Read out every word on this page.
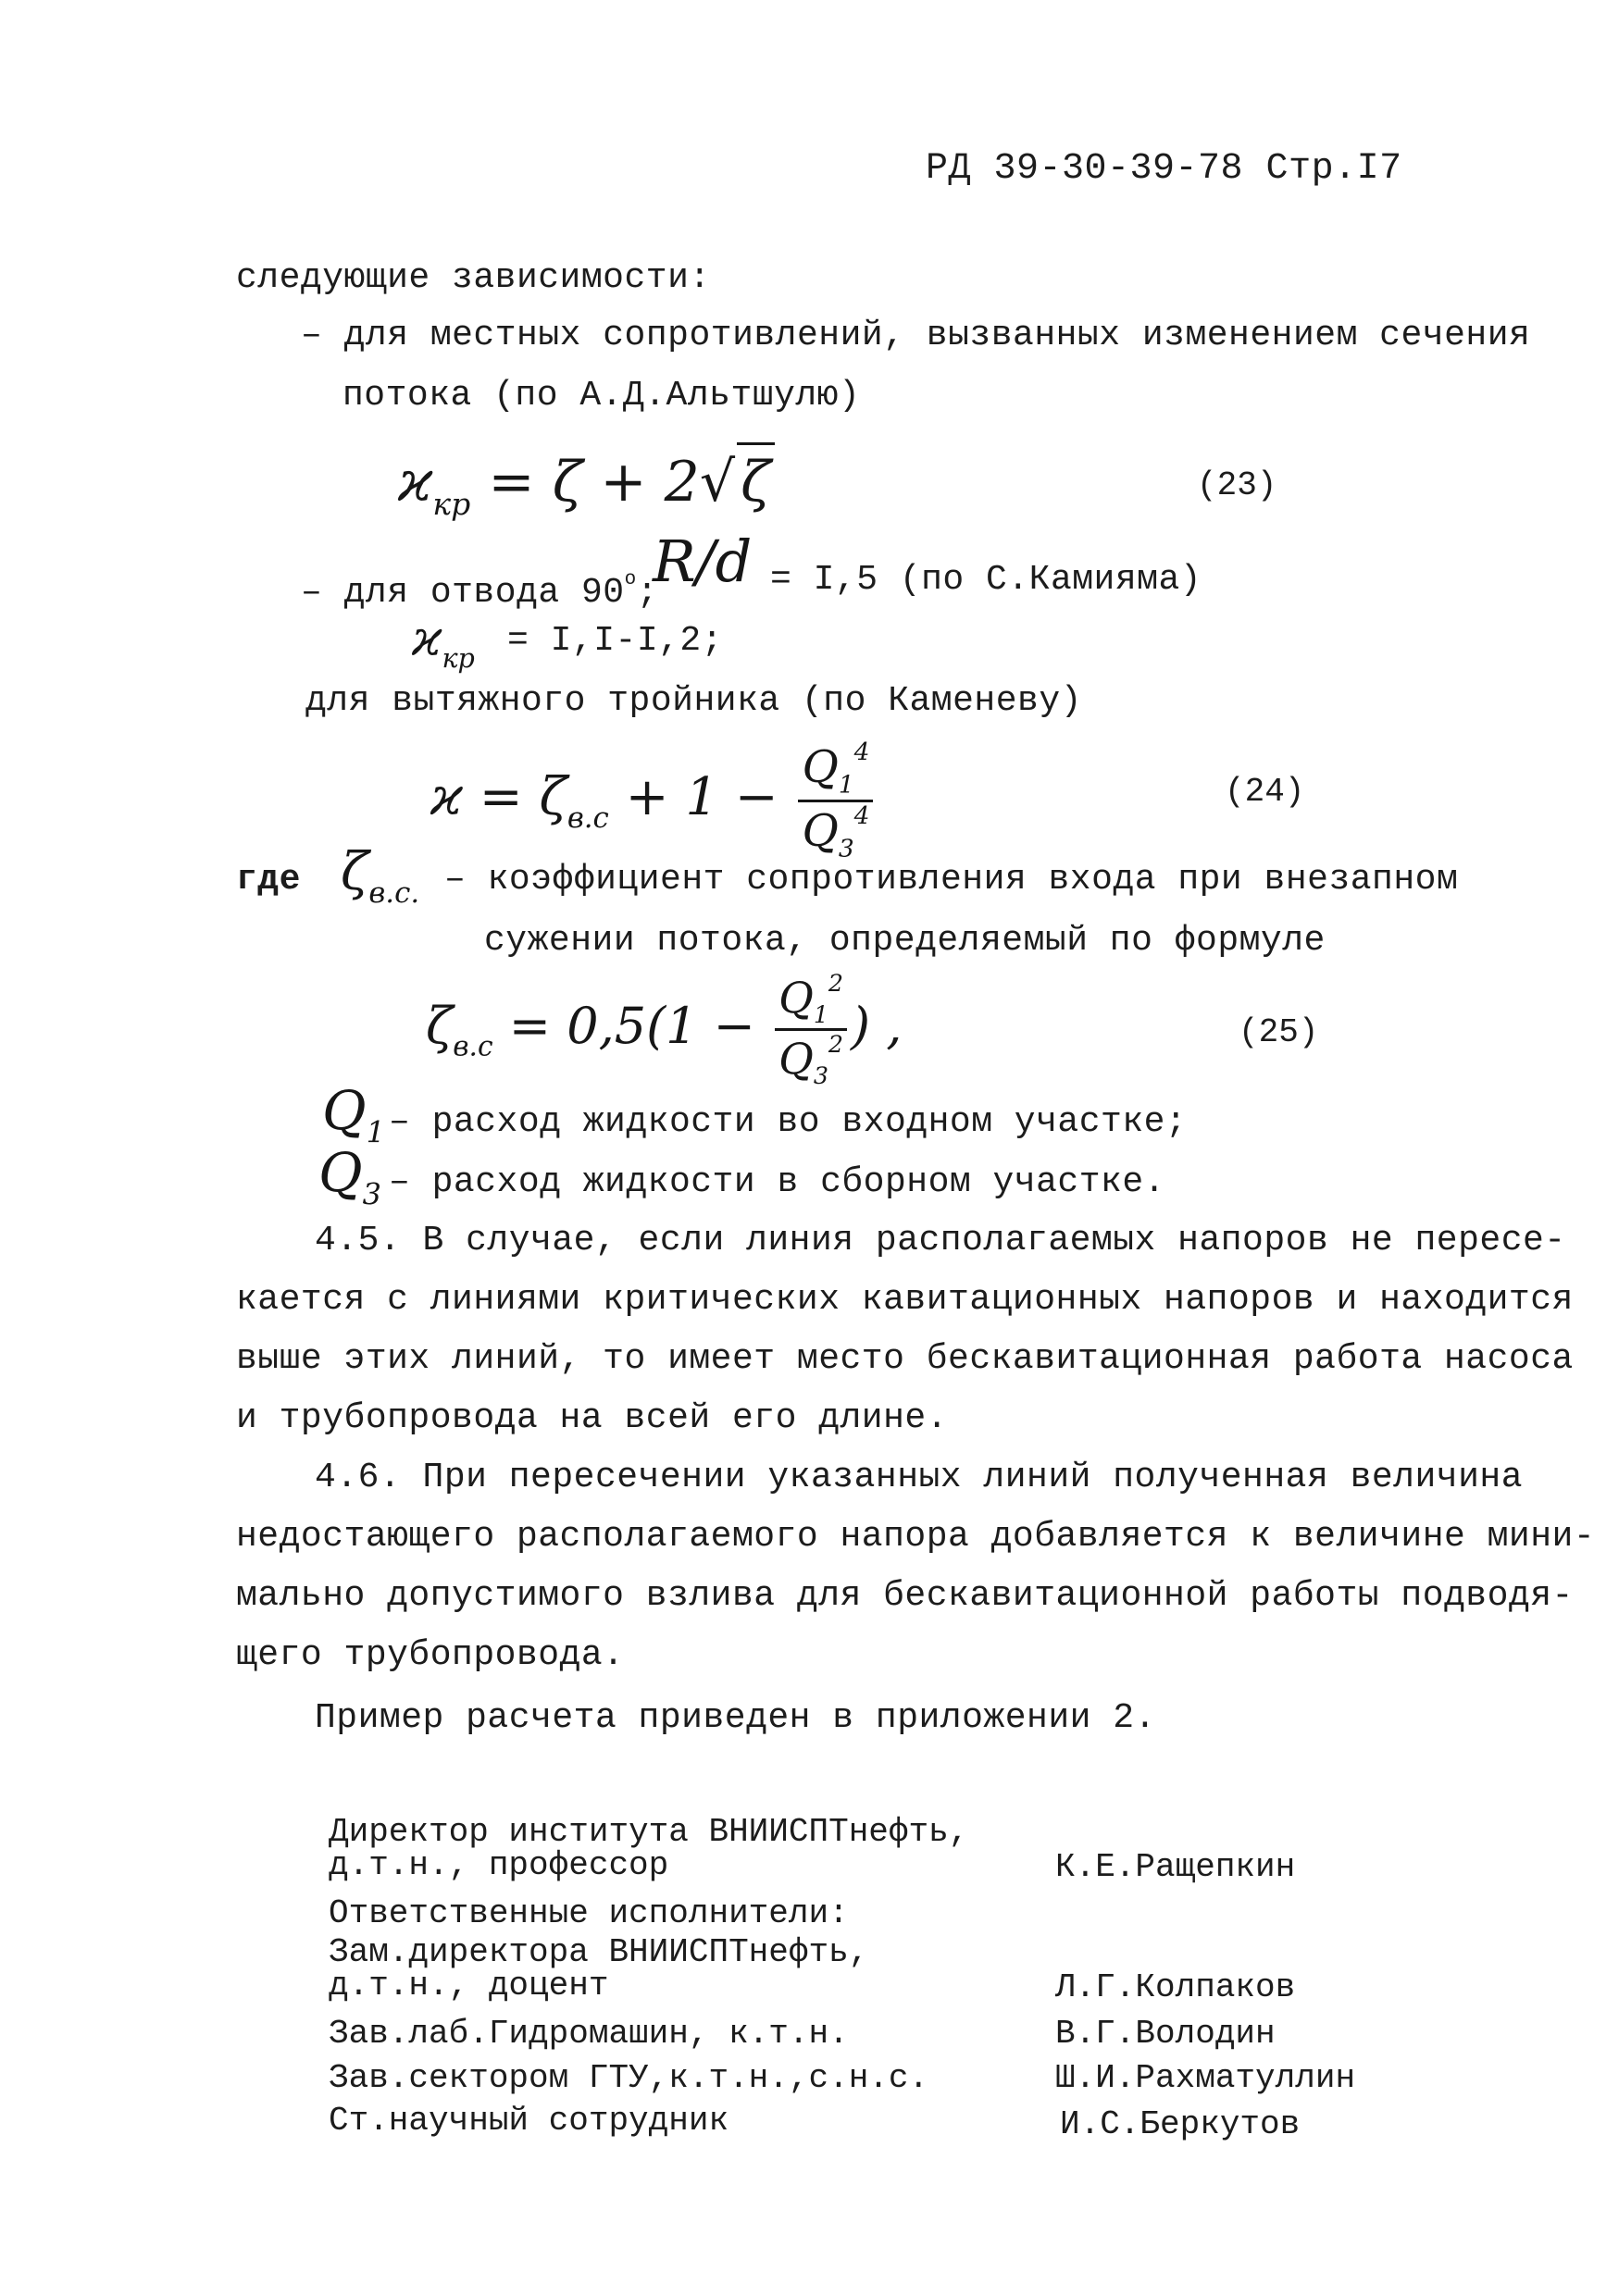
РД 39-30-39-78 Стр.I7
следующие зависимости:
– для местных сопротивлений, вызванных изменением сечения
потока (по А.Д.Альтшулю)
$ϰ_{кр} = \zeta + 2√$ ζ	(23)
– для отвода $90^о$;
R/d = I,5 (по С.Камияма)
$ϰ_{кр} = I,I-I,2$;
для вытяжного тройника (по Каменеву)
$ϰ = \zeta_{в.с} + 1 - \frac{Q_1^4}{Q_3^4}$	(24)
где $\zeta_{в.с.}$ – коэффициент сопротивления входа при внезапном
сужении потока, определяемый по формуле
$\zeta_{в.с} = 0,5(1 - \frac{Q_1^2}{Q_3^2}$ ) ,	(25)
$Q_1$ – расход жидкости во входном участке;
$Q_3$ – расход жидкости в сборном участке.
4.5. В случае, если линия располагаемых напоров не пересе-
кается с линиями критических кавитационных напоров и находится
выше этих линий, то имеет место бескавитационная работа насоса
и трубопровода на всей его длине.
4.6. При пересечении указанных линий полученная величина
недостающего располагаемого напора добавляется к величине мини-
мально допустимого взлива для бескавитационной работы подводя-
щего трубопровода.
Пример расчета приведен в приложении 2.
Директор института ВНИИСПТнефть,
д.т.н., профессор	К.Е.Ращепкин
Ответственные исполнители:
Зам.директора ВНИИСПТнефть,
д.т.н., доцент	Л.Г.Колпаков
Зав.лаб.Гидромашин, к.т.н.	В.Г.Володин
Зав.сектором ГТУ,к.т.н.,с.н.с.	Ш.И.Рахматуллин
Ст.научный сотрудник	И.С.Беркутов
